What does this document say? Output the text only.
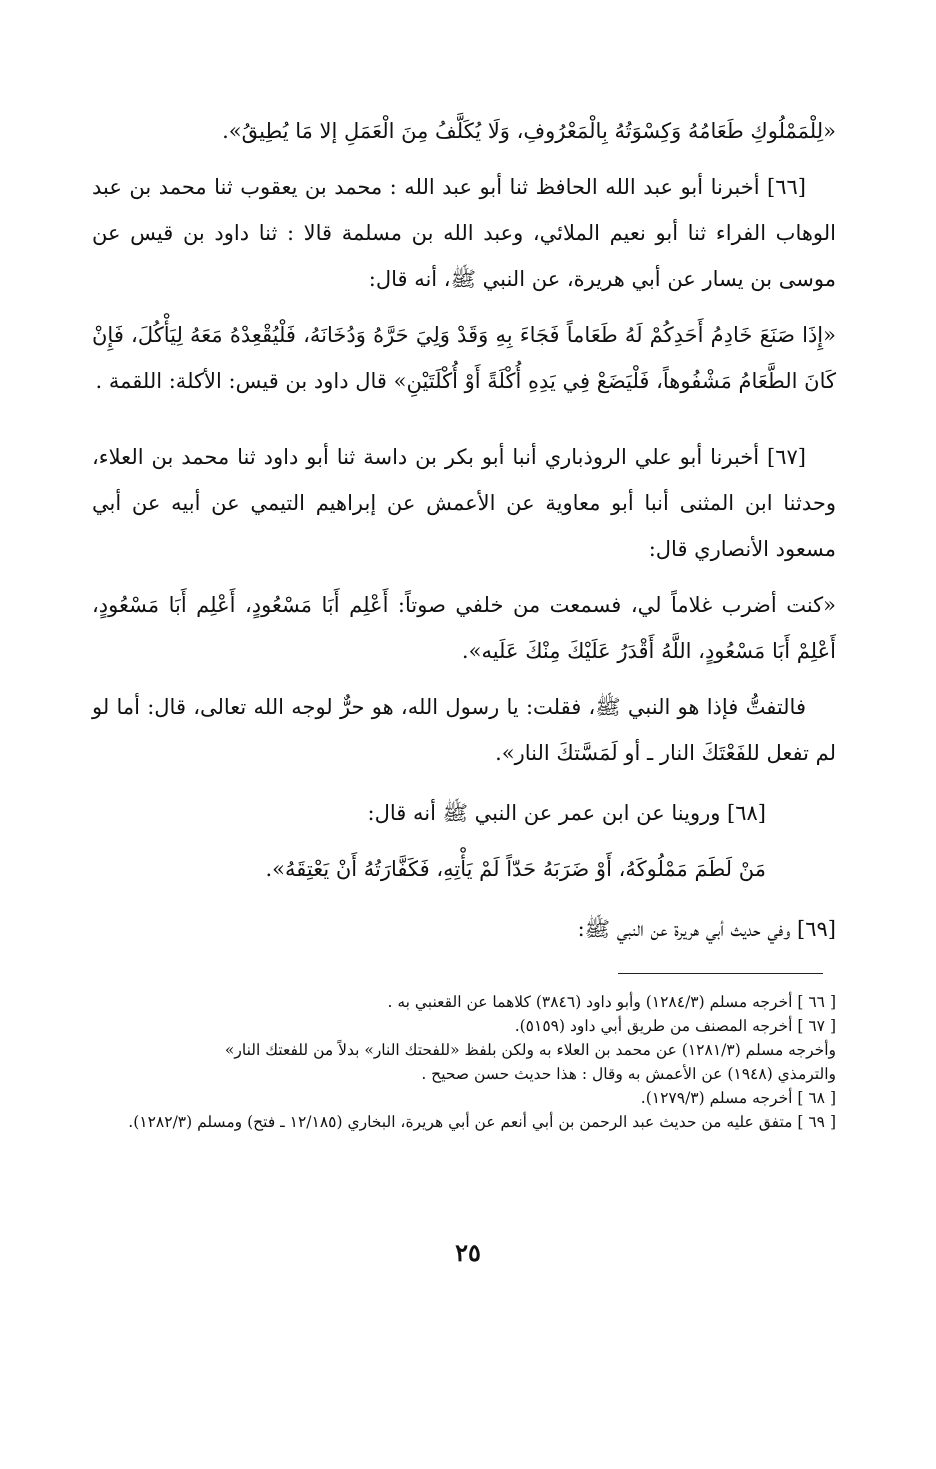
«لِلْمَمْلُوكِ طَعَامُهُ وَكِسْوَتُهُ بِالْمَعْرُوفِ، وَلَا يُكَلَّفُ مِنَ الْعَمَلِ إلا مَا يُطِيقُ».

[٦٦] أخبرنا أبو عبد الله الحافظ ثنا أبو عبد الله : محمد بن يعقوب ثنا محمد بن عبد الوهاب الفراء ثنا أبو نعيم الملائي، وعبد الله بن مسلمة قالا : ثنا داود بن قيس عن موسى بن يسار عن أبي هريرة، عن النبي ﷺ، أنه قال:

«إِذَا صَنَعَ خَادِمُ أَحَدِكُمْ لَهُ طَعَاماً فَجَاءَ بِهِ وَقَدْ وَلِيَ حَرَّهُ وَدُخَانَهُ، فَلْيُقْعِدْهُ مَعَهُ لِيَأْكُلَ، فَإِنْ كَانَ الطَّعَامُ مَشْفُوهاً، فَلْيَضَعْ فِي يَدِهِ أُكْلَةً أَوْ أُكْلَتَيْنِ» قال داود بن قيس: الأكلة: اللقمة .

[٦٧] أخبرنا أبو علي الروذباري أنبا أبو بكر بن داسة ثنا أبو داود ثنا محمد بن العلاء، وحدثنا ابن المثنى أنبا أبو معاوية عن الأعمش عن إبراهيم التيمي عن أبيه عن أبي مسعود الأنصاري قال:

«كنت أضرب غلاماً لي، فسمعت من خلفي صوتاً: أَعْلِم أَبَا مَسْعُودٍ، أَعْلِم أَبَا مَسْعُودٍ، أَعْلِمْ أَبَا مَسْعُودٍ، اللَّهُ أَقْدَرُ عَلَيْكَ مِنْكَ عَلَيه».

فالتفتُّ فإذا هو النبي ﷺ، فقلت: يا رسول الله، هو حرٌّ لوجه الله تعالى، قال: أما لو لم تفعل للفَعْتَكَ النار ـ أو لَمَسَّتكَ النار».

[٦٨] وروينا عن ابن عمر عن النبي ﷺ أنه قال:

مَنْ لَطَمَ مَمْلُوكَهُ، أَوْ ضَرَبَهُ حَدّاً لَمْ يَأْتِهِ، فَكَفَّارَتُهُ أَنْ يَعْتِقَهُ».

[٦٩] وفي حديث أبي هريرة عن النبي ﷺ:

[ ٦٦ ] أخرجه مسلم (١٢٨٤/٣) وأبو داود (٣٨٤٦) كلاهما عن القعنبي به .

[ ٦٧ ] أخرجه المصنف من طريق أبي داود (٥١٥٩).

وأخرجه مسلم (١٢٨١/٣) عن محمد بن العلاء به ولكن بلفظ «للفحتك النار» بدلاً من للفعتك النار»

والترمذي (١٩٤٨) عن الأعمش به وقال : هذا حديث حسن صحيح .

[ ٦٨ ] أخرجه مسلم (١٢٧٩/٣).

[ ٦٩ ] متفق عليه من حديث عبد الرحمن بن أبي أنعم عن أبي هريرة، البخاري (١٢/١٨٥ ـ فتح) ومسلم (١٢٨٢/٣).

٢٥
